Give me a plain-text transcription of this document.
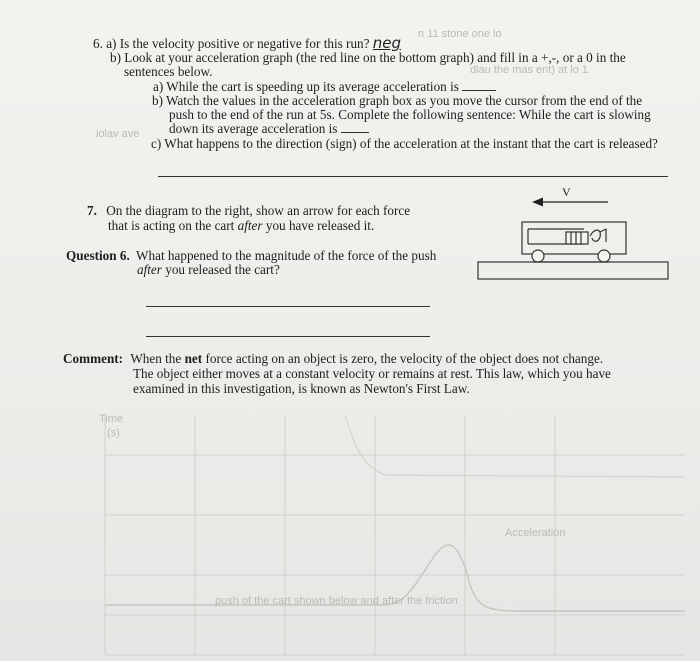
n 11 stone one lo
dlau the mas ent) at lo 1
iolav ave
6. a) Is the velocity positive or negative for this run? neg
b) Look at your acceleration graph (the red line on the bottom graph) and fill in a +,-, or a 0 in the
sentences below.
a) While the cart is speeding up its average acceleration is
b) Watch the values in the acceleration graph box as you move the cursor from the end of the
push to the end of the run at 5s. Complete the following sentence: While the cart is slowing
down its average acceleration is
c) What happens to the direction (sign) of the acceleration at the instant that the cart is released?
7. On the diagram to the right, show an arrow for each force
that is acting on the cart after you have released it.
V
Question 6. What happened to the magnitude of the force of the push
after you released the cart?
Comment: When the net force acting on an object is zero, the velocity of the object does not change.
The object either moves at a constant velocity or remains at rest. This law, which you have
examined in this investigation, is known as Newton's First Law.
Time
(s)
Acceleration
push of the cart shown below and after the friction
